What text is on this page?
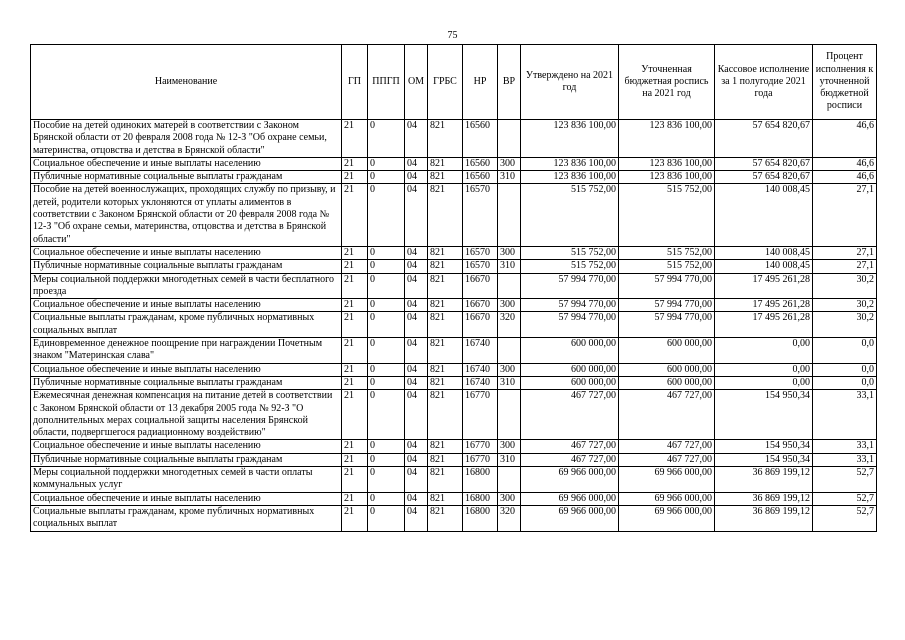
75
Наименование	ГП	ППГП	ОМ	ГРБС	НР	ВР	Утверждено на 2021 год	Уточненная бюджетная роспись на 2021 год	Кассовое исполнение за 1 полугодие 2021 года	Процент исполнения к уточненной бюджетной росписи
Пособие на детей одиноких матерей в соответствии с Законом Брянской области от 20 февраля 2008 года № 12-З "Об охране семьи, материнства, отцовства и детства в Брянской области"	21	0	04	821	16560		123 836 100,00	123 836 100,00	57 654 820,67	46,6
Социальное обеспечение и иные выплаты населению	21	0	04	821	16560	300	123 836 100,00	123 836 100,00	57 654 820,67	46,6
Публичные нормативные социальные выплаты гражданам	21	0	04	821	16560	310	123 836 100,00	123 836 100,00	57 654 820,67	46,6
Пособие на детей военнослужащих, проходящих службу по призыву, и детей, родители которых уклоняются от уплаты алиментов в соответствии с Законом Брянской области от 20 февраля 2008 года № 12-З "Об охране семьи, материнства, отцовства и детства в Брянской области"	21	0	04	821	16570		515 752,00	515 752,00	140 008,45	27,1
Социальное обеспечение и иные выплаты населению	21	0	04	821	16570	300	515 752,00	515 752,00	140 008,45	27,1
Публичные нормативные социальные выплаты гражданам	21	0	04	821	16570	310	515 752,00	515 752,00	140 008,45	27,1
Меры социальной поддержки многодетных семей в части бесплатного проезда	21	0	04	821	16670		57 994 770,00	57 994 770,00	17 495 261,28	30,2
Социальное обеспечение и иные выплаты населению	21	0	04	821	16670	300	57 994 770,00	57 994 770,00	17 495 261,28	30,2
Социальные выплаты гражданам, кроме публичных нормативных социальных выплат	21	0	04	821	16670	320	57 994 770,00	57 994 770,00	17 495 261,28	30,2
Единовременное денежное поощрение при награждении Почетным знаком "Материнская слава"	21	0	04	821	16740		600 000,00	600 000,00	0,00	0,0
Социальное обеспечение и иные выплаты населению	21	0	04	821	16740	300	600 000,00	600 000,00	0,00	0,0
Публичные нормативные социальные выплаты гражданам	21	0	04	821	16740	310	600 000,00	600 000,00	0,00	0,0
Ежемесячная денежная компенсация на питание детей в соответствии с Законом Брянской области от 13 декабря 2005 года № 92-З "О дополнительных мерах социальной защиты населения Брянской области, подвергшегося радиационному воздействию"	21	0	04	821	16770		467 727,00	467 727,00	154 950,34	33,1
Социальное обеспечение и иные выплаты населению	21	0	04	821	16770	300	467 727,00	467 727,00	154 950,34	33,1
Публичные нормативные социальные выплаты гражданам	21	0	04	821	16770	310	467 727,00	467 727,00	154 950,34	33,1
Меры социальной поддержки многодетных семей в части оплаты коммунальных услуг	21	0	04	821	16800		69 966 000,00	69 966 000,00	36 869 199,12	52,7
Социальное обеспечение и иные выплаты населению	21	0	04	821	16800	300	69 966 000,00	69 966 000,00	36 869 199,12	52,7
Социальные выплаты гражданам, кроме публичных нормативных социальных выплат	21	0	04	821	16800	320	69 966 000,00	69 966 000,00	36 869 199,12	52,7
